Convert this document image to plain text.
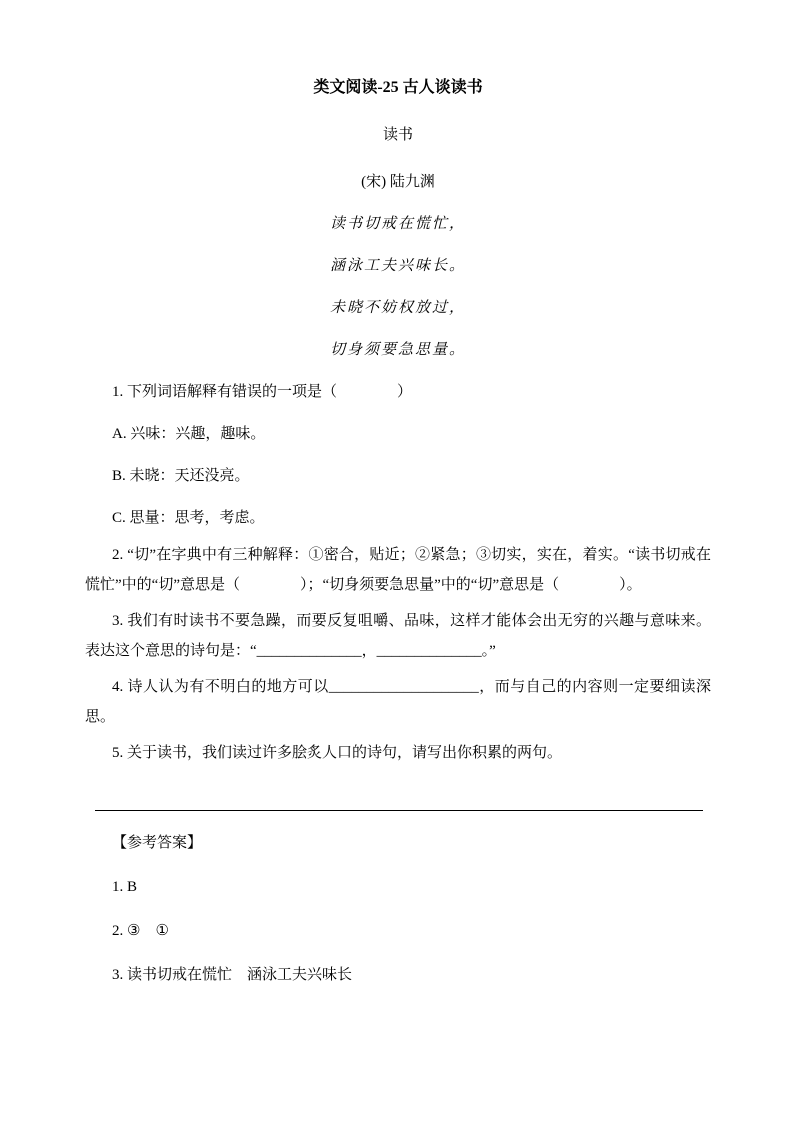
类文阅读-25 古人谈读书
读书
(宋) 陆九渊
读书切戒在慌忙，
涵泳工夫兴味长。
未晓不妨权放过，
切身须要急思量。

1. 下列词语解释有错误的一项是（　　　　）

A. 兴味：兴趣，趣味。

B. 未晓：天还没亮。

C. 思量：思考，考虑。

2. “切”在字典中有三种解释：①密合，贴近；②紧急；③切实，实在，着实。“读书切戒在慌忙”中的“切”意思是（　　　　）；“切身须要急思量”中的“切”意思是（　　　　）。

3. 我们有时读书不要急躁，而要反复咀嚼、品味，这样才能体会出无穷的兴趣与意味来。表达这个意思的诗句是：“______________，______________。”

4. 诗人认为有不明白的地方可以____________________，而与自己的内容则一定要细读深思。

5. 关于读书，我们读过许多脍炙人口的诗句，请写出你积累的两句。

【参考答案】

1. B

2. ③　①

3. 读书切戒在慌忙　涵泳工夫兴味长
